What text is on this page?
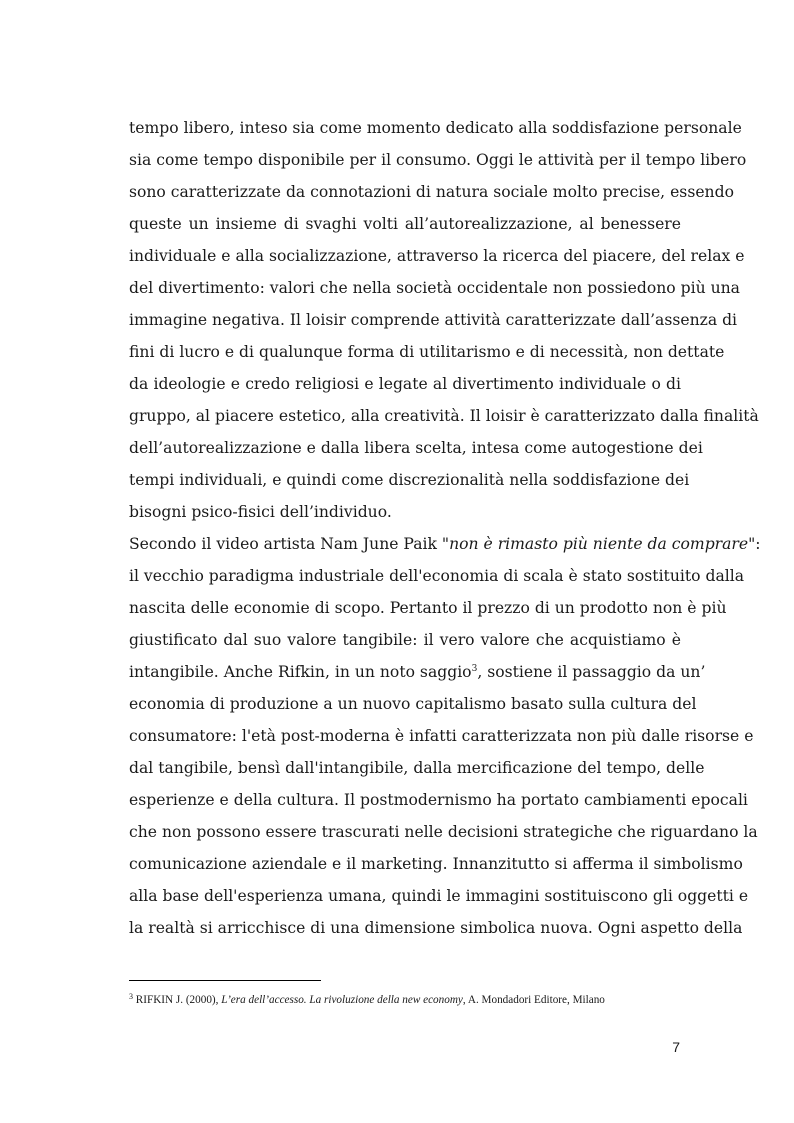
tempo libero, inteso sia come momento dedicato alla soddisfazione personale
sia come tempo disponibile per il consumo. Oggi le attività per il tempo libero
sono caratterizzate da connotazioni di natura sociale molto precise, essendo
queste un insieme di svaghi volti all’autorealizzazione, al benessere
individuale e alla socializzazione, attraverso la ricerca del piacere, del relax e
del divertimento: valori che nella società occidentale non possiedono più una
immagine negativa. Il loisir comprende attività caratterizzate dall’assenza di
fini di lucro e di qualunque forma di utilitarismo e di necessità, non dettate
da ideologie e credo religiosi e legate al divertimento individuale o di
gruppo, al piacere estetico, alla creatività. Il loisir è caratterizzato dalla finalità
dell’autorealizzazione e dalla libera scelta, intesa come autogestione dei
tempi individuali, e quindi come discrezionalità nella soddisfazione dei
bisogni psico-fisici dell’individuo.
Secondo il video artista Nam June Paik "non è rimasto più niente da comprare":
il vecchio paradigma industriale dell'economia di scala è stato sostituito dalla
nascita delle economie di scopo. Pertanto il prezzo di un prodotto non è più
giustificato dal suo valore tangibile: il vero valore che acquistiamo è
intangibile. Anche Rifkin, in un noto saggio$^3$, sostiene il passaggio da un’
economia di produzione a un nuovo capitalismo basato sulla cultura del
consumatore: l'età post-moderna è infatti caratterizzata non più dalle risorse e
dal tangibile, bensì dall'intangibile, dalla mercificazione del tempo, delle
esperienze e della cultura. Il postmodernismo ha portato cambiamenti epocali
che non possono essere trascurati nelle decisioni strategiche che riguardano la
comunicazione aziendale e il marketing. Innanzitutto si afferma il simbolismo
alla base dell'esperienza umana, quindi le immagini sostituiscono gli oggetti e
la realtà si arricchisce di una dimensione simbolica nuova. Ogni aspetto della
$^3$ RIFKIN J. (2000), L’era dell’accesso. La rivoluzione della new economy, A. Mondadori Editore, Milano
7
